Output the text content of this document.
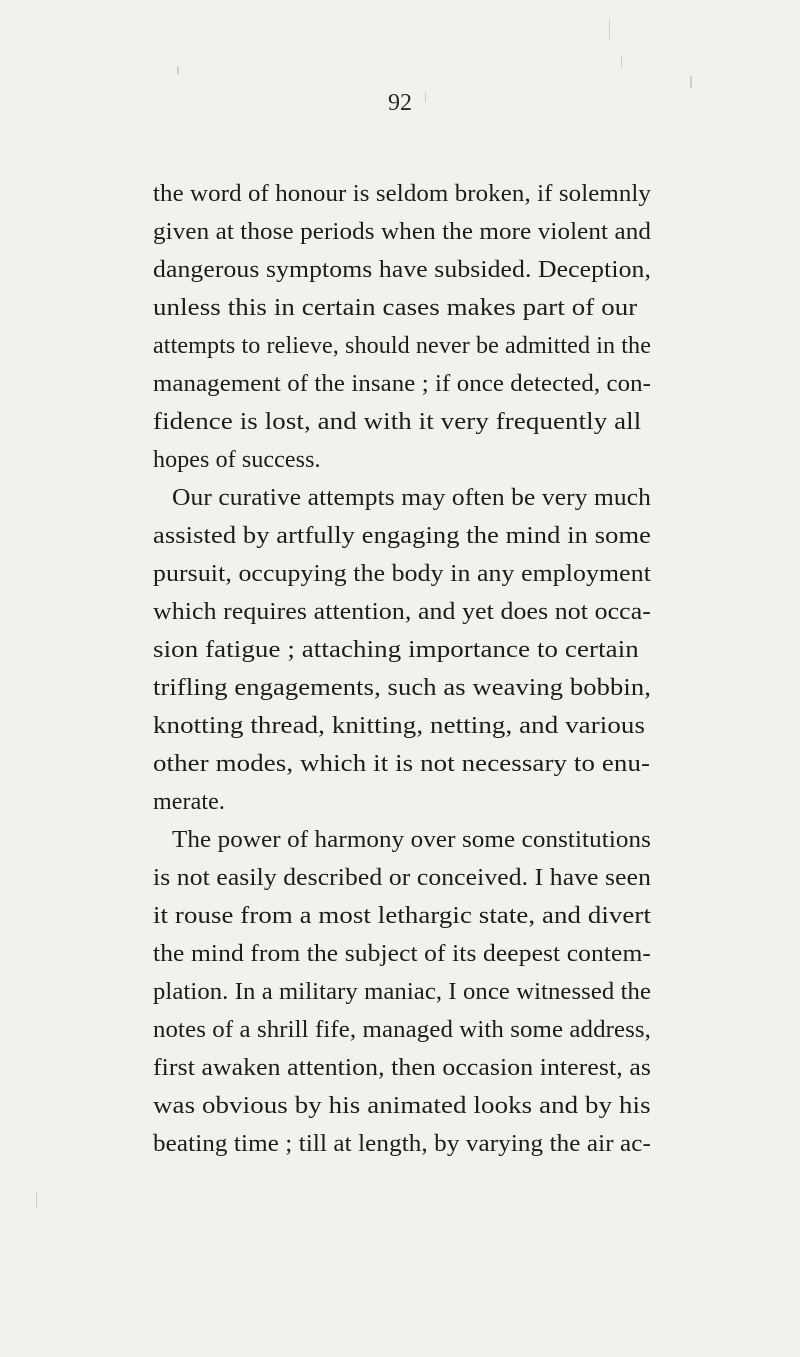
92
the word of honour is seldom broken, if solemnly
given at those periods when the more violent and
dangerous symptoms have subsided. Deception,
unless this in certain cases makes part of our
attempts to relieve, should never be admitted in the
management of the insane ; if once detected, con-
fidence is lost, and with it very frequently all
hopes of success.
Our curative attempts may often be very much
assisted by artfully engaging the mind in some
pursuit, occupying the body in any employment
which requires attention, and yet does not occa-
sion fatigue ; attaching importance to certain
trifling engagements, such as weaving bobbin,
knotting thread, knitting, netting, and various
other modes, which it is not necessary to enu-
merate.
The power of harmony over some constitutions
is not easily described or conceived. I have seen
it rouse from a most lethargic state, and divert
the mind from the subject of its deepest contem-
plation. In a military maniac, I once witnessed the
notes of a shrill fife, managed with some address,
first awaken attention, then occasion interest, as
was obvious by his animated looks and by his
beating time ; till at length, by varying the air ac-
